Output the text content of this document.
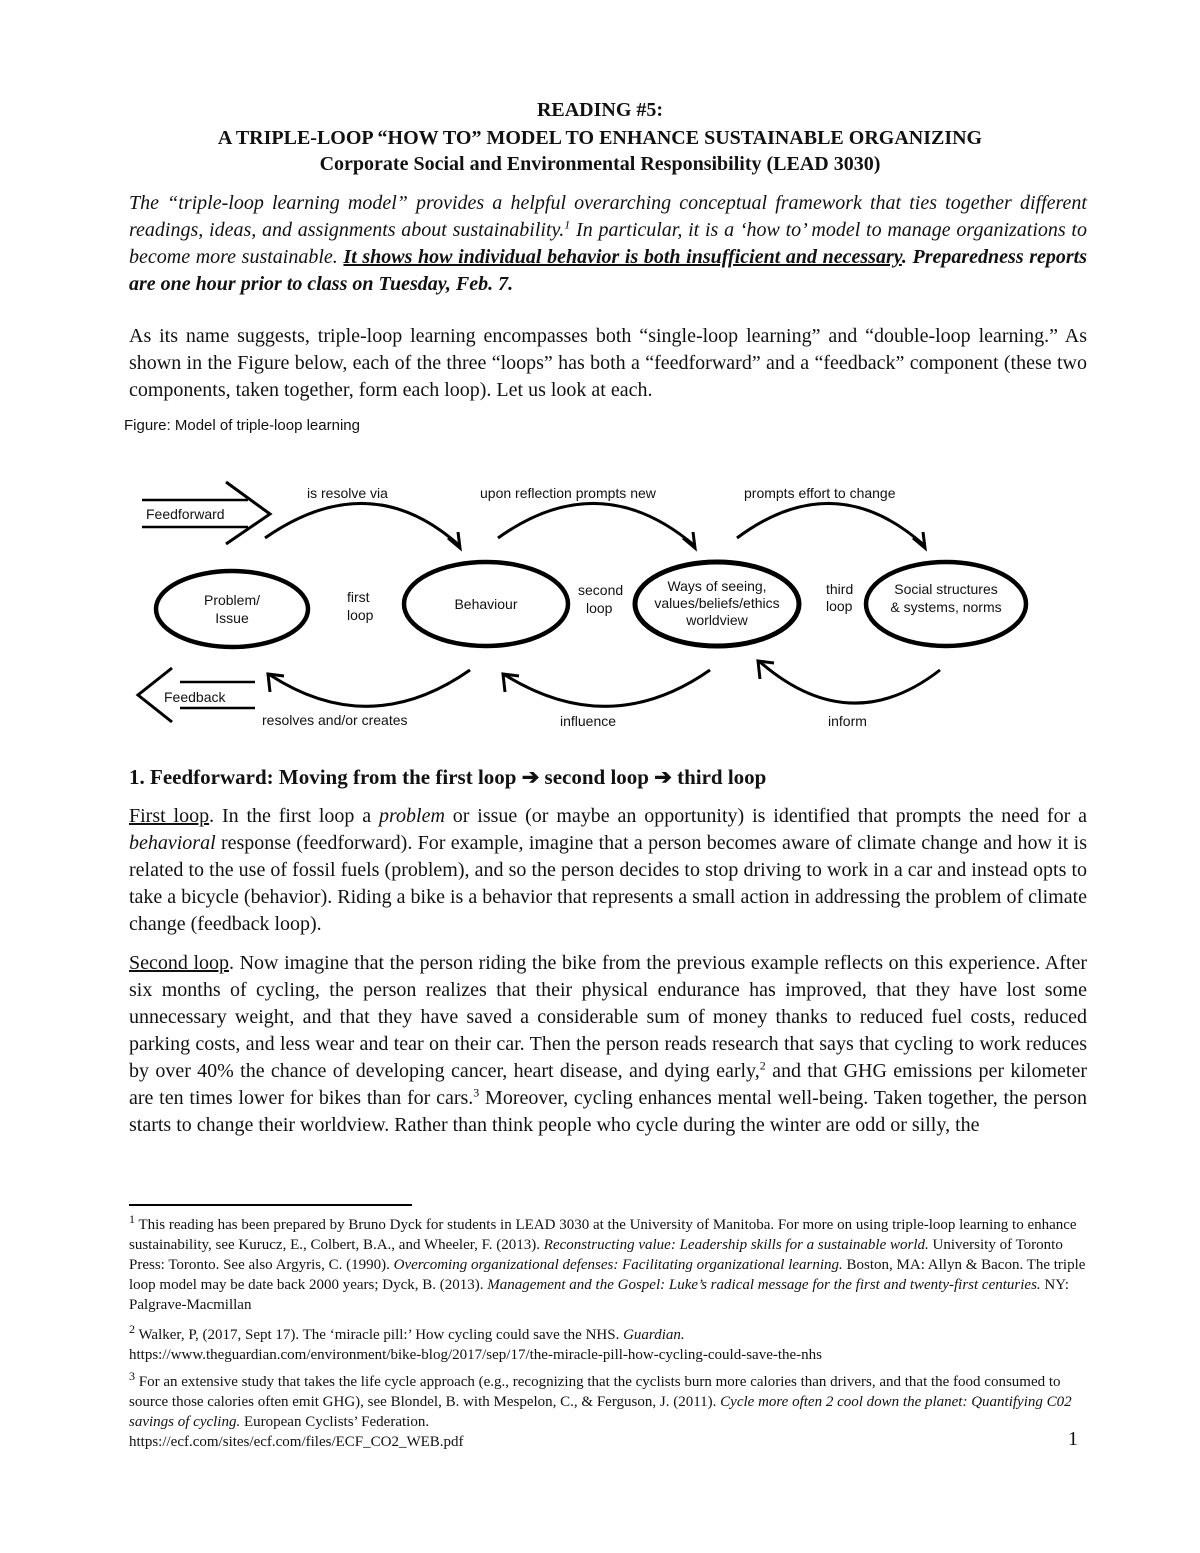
READING #5:
A TRIPLE-LOOP “HOW TO” MODEL TO ENHANCE SUSTAINABLE ORGANIZING
Corporate Social and Environmental Responsibility (LEAD 3030)
The “triple-loop learning model” provides a helpful overarching conceptual framework that ties together different readings, ideas, and assignments about sustainability.$^1$ In particular, it is a ‘how to’ model to manage organizations to become more sustainable. It shows how individual behavior is both insufficient and necessary. Preparedness reports are one hour prior to class on Tuesday, Feb. 7.
As its name suggests, triple-loop learning encompasses both “single-loop learning” and “double-loop learning.” As shown in the Figure below, each of the three “loops” has both a “feedforward” and a “feedback” component (these two components, taken together, form each loop). Let us look at each.
Figure: Model of triple-loop learning
Feedforward
Feedback
is resolve via	upon reflection prompts new	prompts effort to change
resolves and/or creates	influence	inform
Problem/
Issue
Behaviour
Ways of seeing,
values/beliefs/ethics
worldview
Social structures
& systems, norms
first
loop
second
loop
third
loop
1. Feedforward: Moving from the first loop ➔ second loop ➔ third loop
First loop. In the first loop a problem or issue (or maybe an opportunity) is identified that prompts the need for a behavioral response (feedforward). For example, imagine that a person becomes aware of climate change and how it is related to the use of fossil fuels (problem), and so the person decides to stop driving to work in a car and instead opts to take a bicycle (behavior). Riding a bike is a behavior that represents a small action in addressing the problem of climate change (feedback loop).
Second loop. Now imagine that the person riding the bike from the previous example reflects on this experience. After six months of cycling, the person realizes that their physical endurance has improved, that they have lost some unnecessary weight, and that they have saved a considerable sum of money thanks to reduced fuel costs, reduced parking costs, and less wear and tear on their car. Then the person reads research that says that cycling to work reduces by over 40% the chance of developing cancer, heart disease, and dying early,$^2$ and that GHG emissions per kilometer are ten times lower for bikes than for cars.$^3$ Moreover, cycling enhances mental well-being. Taken together, the person starts to change their worldview. Rather than think people who cycle during the winter are odd or silly, the
$^1$ This reading has been prepared by Bruno Dyck for students in LEAD 3030 at the University of Manitoba. For more on using triple-loop learning to enhance sustainability, see Kurucz, E., Colbert, B.A., and Wheeler, F. (2013). Reconstructing value: Leadership skills for a sustainable world. University of Toronto Press: Toronto. See also Argyris, C. (1990). Overcoming organizational defenses: Facilitating organizational learning. Boston, MA: Allyn & Bacon. The triple loop model may be date back 2000 years; Dyck, B. (2013). Management and the Gospel: Luke’s radical message for the first and twenty-first centuries. NY: Palgrave-Macmillan
$^2$ Walker, P, (2017, Sept 17). The ‘miracle pill:’ How cycling could save the NHS. Guardian.
https://www.theguardian.com/environment/bike-blog/2017/sep/17/the-miracle-pill-how-cycling-could-save-the-nhs
$^3$ For an extensive study that takes the life cycle approach (e.g., recognizing that the cyclists burn more calories than drivers, and that the food consumed to source those calories often emit GHG), see Blondel, B. with Mespelon, C., & Ferguson, J. (2011). Cycle more often 2 cool down the planet: Quantifying C02 savings of cycling. European Cyclists’ Federation.
https://ecf.com/sites/ecf.com/files/ECF_CO2_WEB.pdf	1
